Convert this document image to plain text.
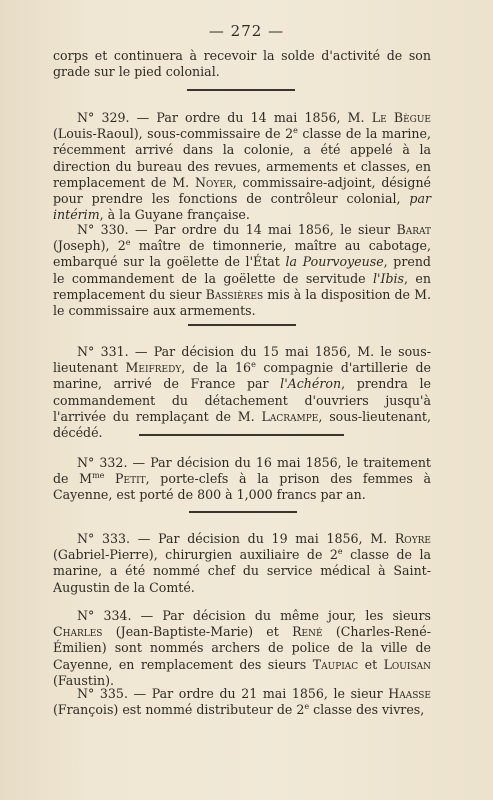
— 272 —

corps et continuera à recevoir la solde d'activité de son grade sur le pied colonial.

N° 329. — Par ordre du 14 mai 1856, M. Le Bègue (Louis-Raoul), sous-commissaire de 2e classe de la marine, récemment arrivé dans la colonie, a été appelé à la direction du bureau des revues, armements et classes, en remplacement de M. Noyer, commissaire-adjoint, désigné pour prendre les fonctions de contrôleur colonial, par intérim, à la Guyane française.

N° 330. — Par ordre du 14 mai 1856, le sieur Barat (Joseph), 2e maître de timonnerie, maître au cabotage, embarqué sur la goëlette de l'État la Pourvoyeuse, prend le commandement de la goëlette de servitude l'Ibis, en remplacement du sieur Bassières mis à la disposition de M. le commissaire aux armements.

N° 331. — Par décision du 15 mai 1856, M. le sous-lieutenant Meifredy, de la 16e compagnie d'artillerie de marine, arrivé de France par l'Achéron, prendra le commandement du détachement d'ouvriers jusqu'à l'arrivée du remplaçant de M. Lacrampe, sous-lieutenant, décédé.

N° 332. — Par décision du 16 mai 1856, le traitement de $M^{me}$ Petit, porte-clefs à la prison des femmes à Cayenne, est porté de 800 à 1,000 francs par an.

N° 333. — Par décision du 19 mai 1856, M. Royre (Gabriel-Pierre), chirurgien auxiliaire de 2e classe de la marine, a été nommé chef du service médical à Saint-Augustin de la Comté.

N° 334. — Par décision du même jour, les sieurs Charles (Jean-Baptiste-Marie) et René (Charles-René-Émilien) sont nommés archers de police de la ville de Cayenne, en remplacement des sieurs Taupiac et Louisan (Faustin).

N° 335. — Par ordre du 21 mai 1856, le sieur Haasse (François) est nommé distributeur de 2e classe des vivres,
